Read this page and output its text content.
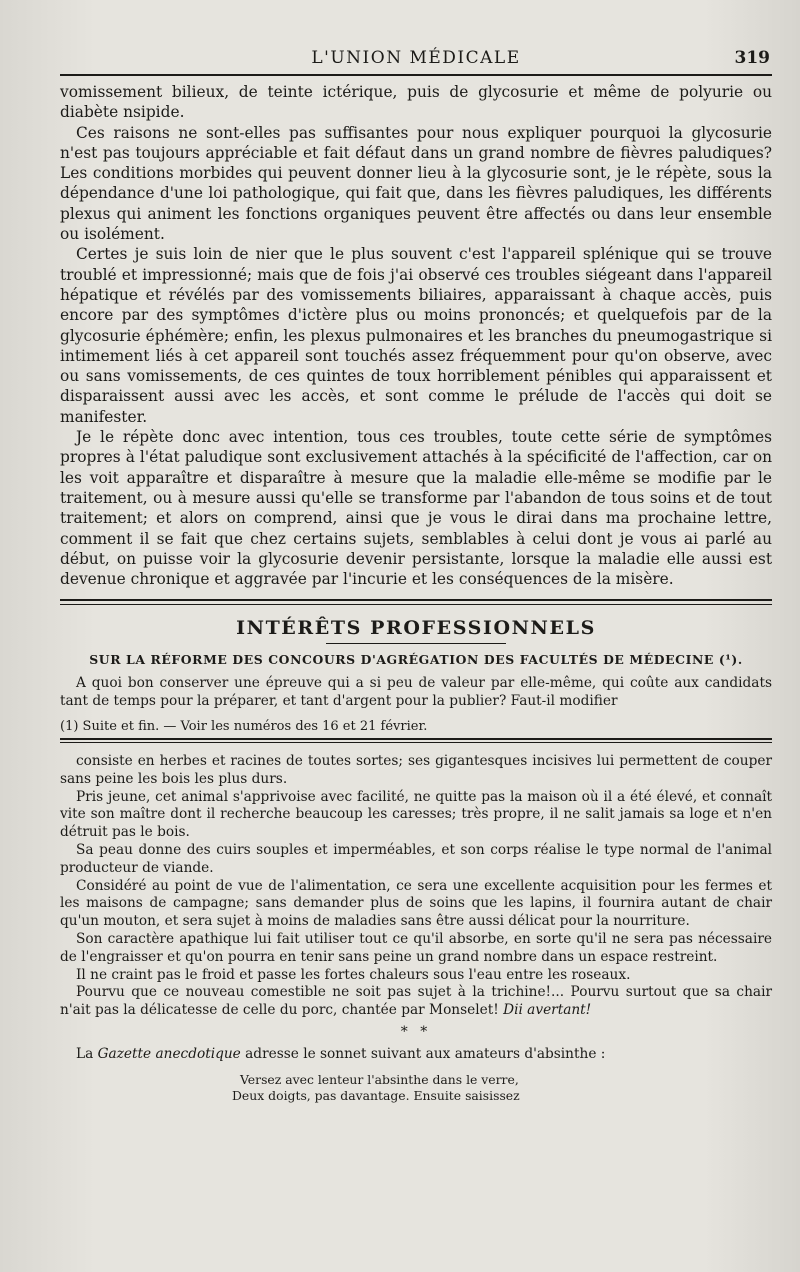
L'UNION MÉDICALE	319

vomissement bilieux, de teinte ictérique, puis de glycosurie et même de polyurie ou diabète nsipide.

Ces raisons ne sont-elles pas suffisantes pour nous expliquer pourquoi la glycosurie n'est pas toujours appréciable et fait défaut dans un grand nombre de fièvres paludiques? Les conditions morbides qui peuvent donner lieu à la glycosurie sont, je le répète, sous la dépendance d'une loi pathologique, qui fait que, dans les fièvres paludiques, les différents plexus qui animent les fonctions organiques peuvent être affectés ou dans leur ensemble ou isolément.

Certes je suis loin de nier que le plus souvent c'est l'appareil splénique qui se trouve troublé et impressionné; mais que de fois j'ai observé ces troubles siégeant dans l'appareil hépatique et révélés par des vomissements biliaires, apparaissant à chaque accès, puis encore par des symptômes d'ictère plus ou moins prononcés; et quelquefois par de la glycosurie éphémère; enfin, les plexus pulmonaires et les branches du pneumogastrique si intimement liés à cet appareil sont touchés assez fréquemment pour qu'on observe, avec ou sans vomissements, de ces quintes de toux horriblement pénibles qui apparaissent et disparaissent aussi avec les accès, et sont comme le prélude de l'accès qui doit se manifester.

Je le répète donc avec intention, tous ces troubles, toute cette série de symptômes propres à l'état paludique sont exclusivement attachés à la spécificité de l'affection, car on les voit apparaître et disparaître à mesure que la maladie elle-même se modifie par le traitement, ou à mesure aussi qu'elle se transforme par l'abandon de tous soins et de tout traitement; et alors on comprend, ainsi que je vous le dirai dans ma prochaine lettre, comment il se fait que chez certains sujets, semblables à celui dont je vous ai parlé au début, on puisse voir la glycosurie devenir persistante, lorsque la maladie elle aussi est devenue chronique et aggravée par l'incurie et les conséquences de la misère.

INTÉRÊTS PROFESSIONNELS
SUR LA RÉFORME DES CONCOURS D'AGRÉGATION DES FACULTÉS DE MÉDECINE (¹).

A quoi bon conserver une épreuve qui a si peu de valeur par elle-même, qui coûte aux candidats tant de temps pour la préparer, et tant d'argent pour la publier? Faut-il modifier

(1) Suite et fin. — Voir les numéros des 16 et 21 février.

consiste en herbes et racines de toutes sortes; ses gigantesques incisives lui permettent de couper sans peine les bois les plus durs.

Pris jeune, cet animal s'apprivoise avec facilité, ne quitte pas la maison où il a été élevé, et connaît vite son maître dont il recherche beaucoup les caresses; très propre, il ne salit jamais sa loge et n'en détruit pas le bois.

Sa peau donne des cuirs souples et imperméables, et son corps réalise le type normal de l'animal producteur de viande.

Considéré au point de vue de l'alimentation, ce sera une excellente acquisition pour les fermes et les maisons de campagne; sans demander plus de soins que les lapins, il fournira autant de chair qu'un mouton, et sera sujet à moins de maladies sans être aussi délicat pour la nourriture.

Son caractère apathique lui fait utiliser tout ce qu'il absorbe, en sorte qu'il ne sera pas nécessaire de l'engraisser et qu'on pourra en tenir sans peine un grand nombre dans un espace restreint.

Il ne craint pas le froid et passe les fortes chaleurs sous l'eau entre les roseaux.

Pourvu que ce nouveau comestible ne soit pas sujet à la trichine!... Pourvu surtout que sa chair n'ait pas la délicatesse de celle du porc, chantée par Monselet! Dii avertant!

* *

La Gazette anecdotique adresse le sonnet suivant aux amateurs d'absinthe :

Versez avec lenteur l'absinthe dans le verre,
Deux doigts, pas davantage. Ensuite saisissez
